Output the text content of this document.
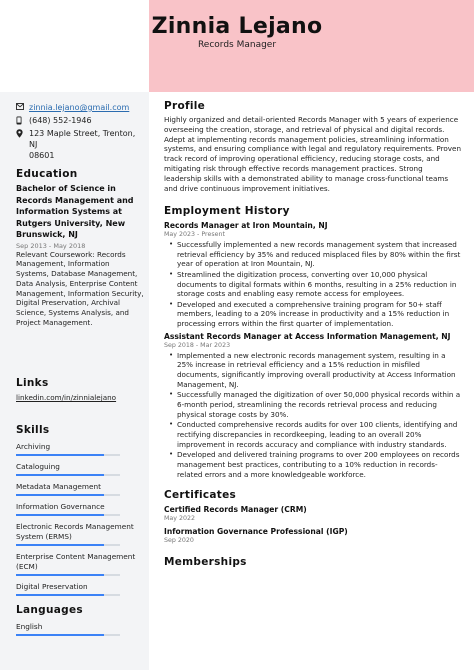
Zinnia Lejano
Records Manager
zinnia.lejano@gmail.com
(648) 552-1946
123 Maple Street, Trenton, NJ
08601
Education
Bachelor of Science in Records Management and Information Systems at Rutgers University, New Brunswick, NJ
Sep 2013 - May 2018
Relevant Coursework: Records Management, Information Systems, Database Management, Data Analysis, Enterprise Content Management, Information Security, Digital Preservation, Archival Science, Systems Analysis, and Project Management.
Links
linkedin.com/in/zinnialejano
Skills
Archiving
Cataloguing
Metadata Management
Information Governance
Electronic Records Management System (ERMS)
Enterprise Content Management (ECM)
Digital Preservation
Languages
English
Profile
Highly organized and detail-oriented Records Manager with 5 years of experience overseeing the creation, storage, and retrieval of physical and digital records. Adept at implementing records management policies, streamlining information systems, and ensuring compliance with legal and regulatory requirements. Proven track record of improving operational efficiency, reducing storage costs, and mitigating risk through effective records management practices. Strong leadership skills with a demonstrated ability to manage cross-functional teams and drive continuous improvement initiatives.
Employment History
Records Manager at Iron Mountain, NJ
May 2023 - Present
• Successfully implemented a new records management system that increased retrieval efficiency by 35% and reduced misplaced files by 80% within the first year of operation at Iron Mountain, NJ.
• Streamlined the digitization process, converting over 10,000 physical documents to digital formats within 6 months, resulting in a 25% reduction in storage costs and enabling easy remote access for employees.
• Developed and executed a comprehensive training program for 50+ staff members, leading to a 20% increase in productivity and a 15% reduction in processing errors within the first quarter of implementation.
Assistant Records Manager at Access Information Management, NJ
Sep 2018 - Mar 2023
• Implemented a new electronic records management system, resulting in a 25% increase in retrieval efficiency and a 15% reduction in misfiled documents, significantly improving overall productivity at Access Information Management, NJ.
• Successfully managed the digitization of over 50,000 physical records within a 6-month period, streamlining the records retrieval process and reducing physical storage costs by 30%.
• Conducted comprehensive records audits for over 100 clients, identifying and rectifying discrepancies in recordkeeping, leading to an overall 20% improvement in records accuracy and compliance with industry standards.
• Developed and delivered training programs to over 200 employees on records management best practices, contributing to a 10% reduction in records-related errors and a more knowledgeable workforce.
Certificates
Certified Records Manager (CRM)
May 2022
Information Governance Professional (IGP)
Sep 2020
Memberships
